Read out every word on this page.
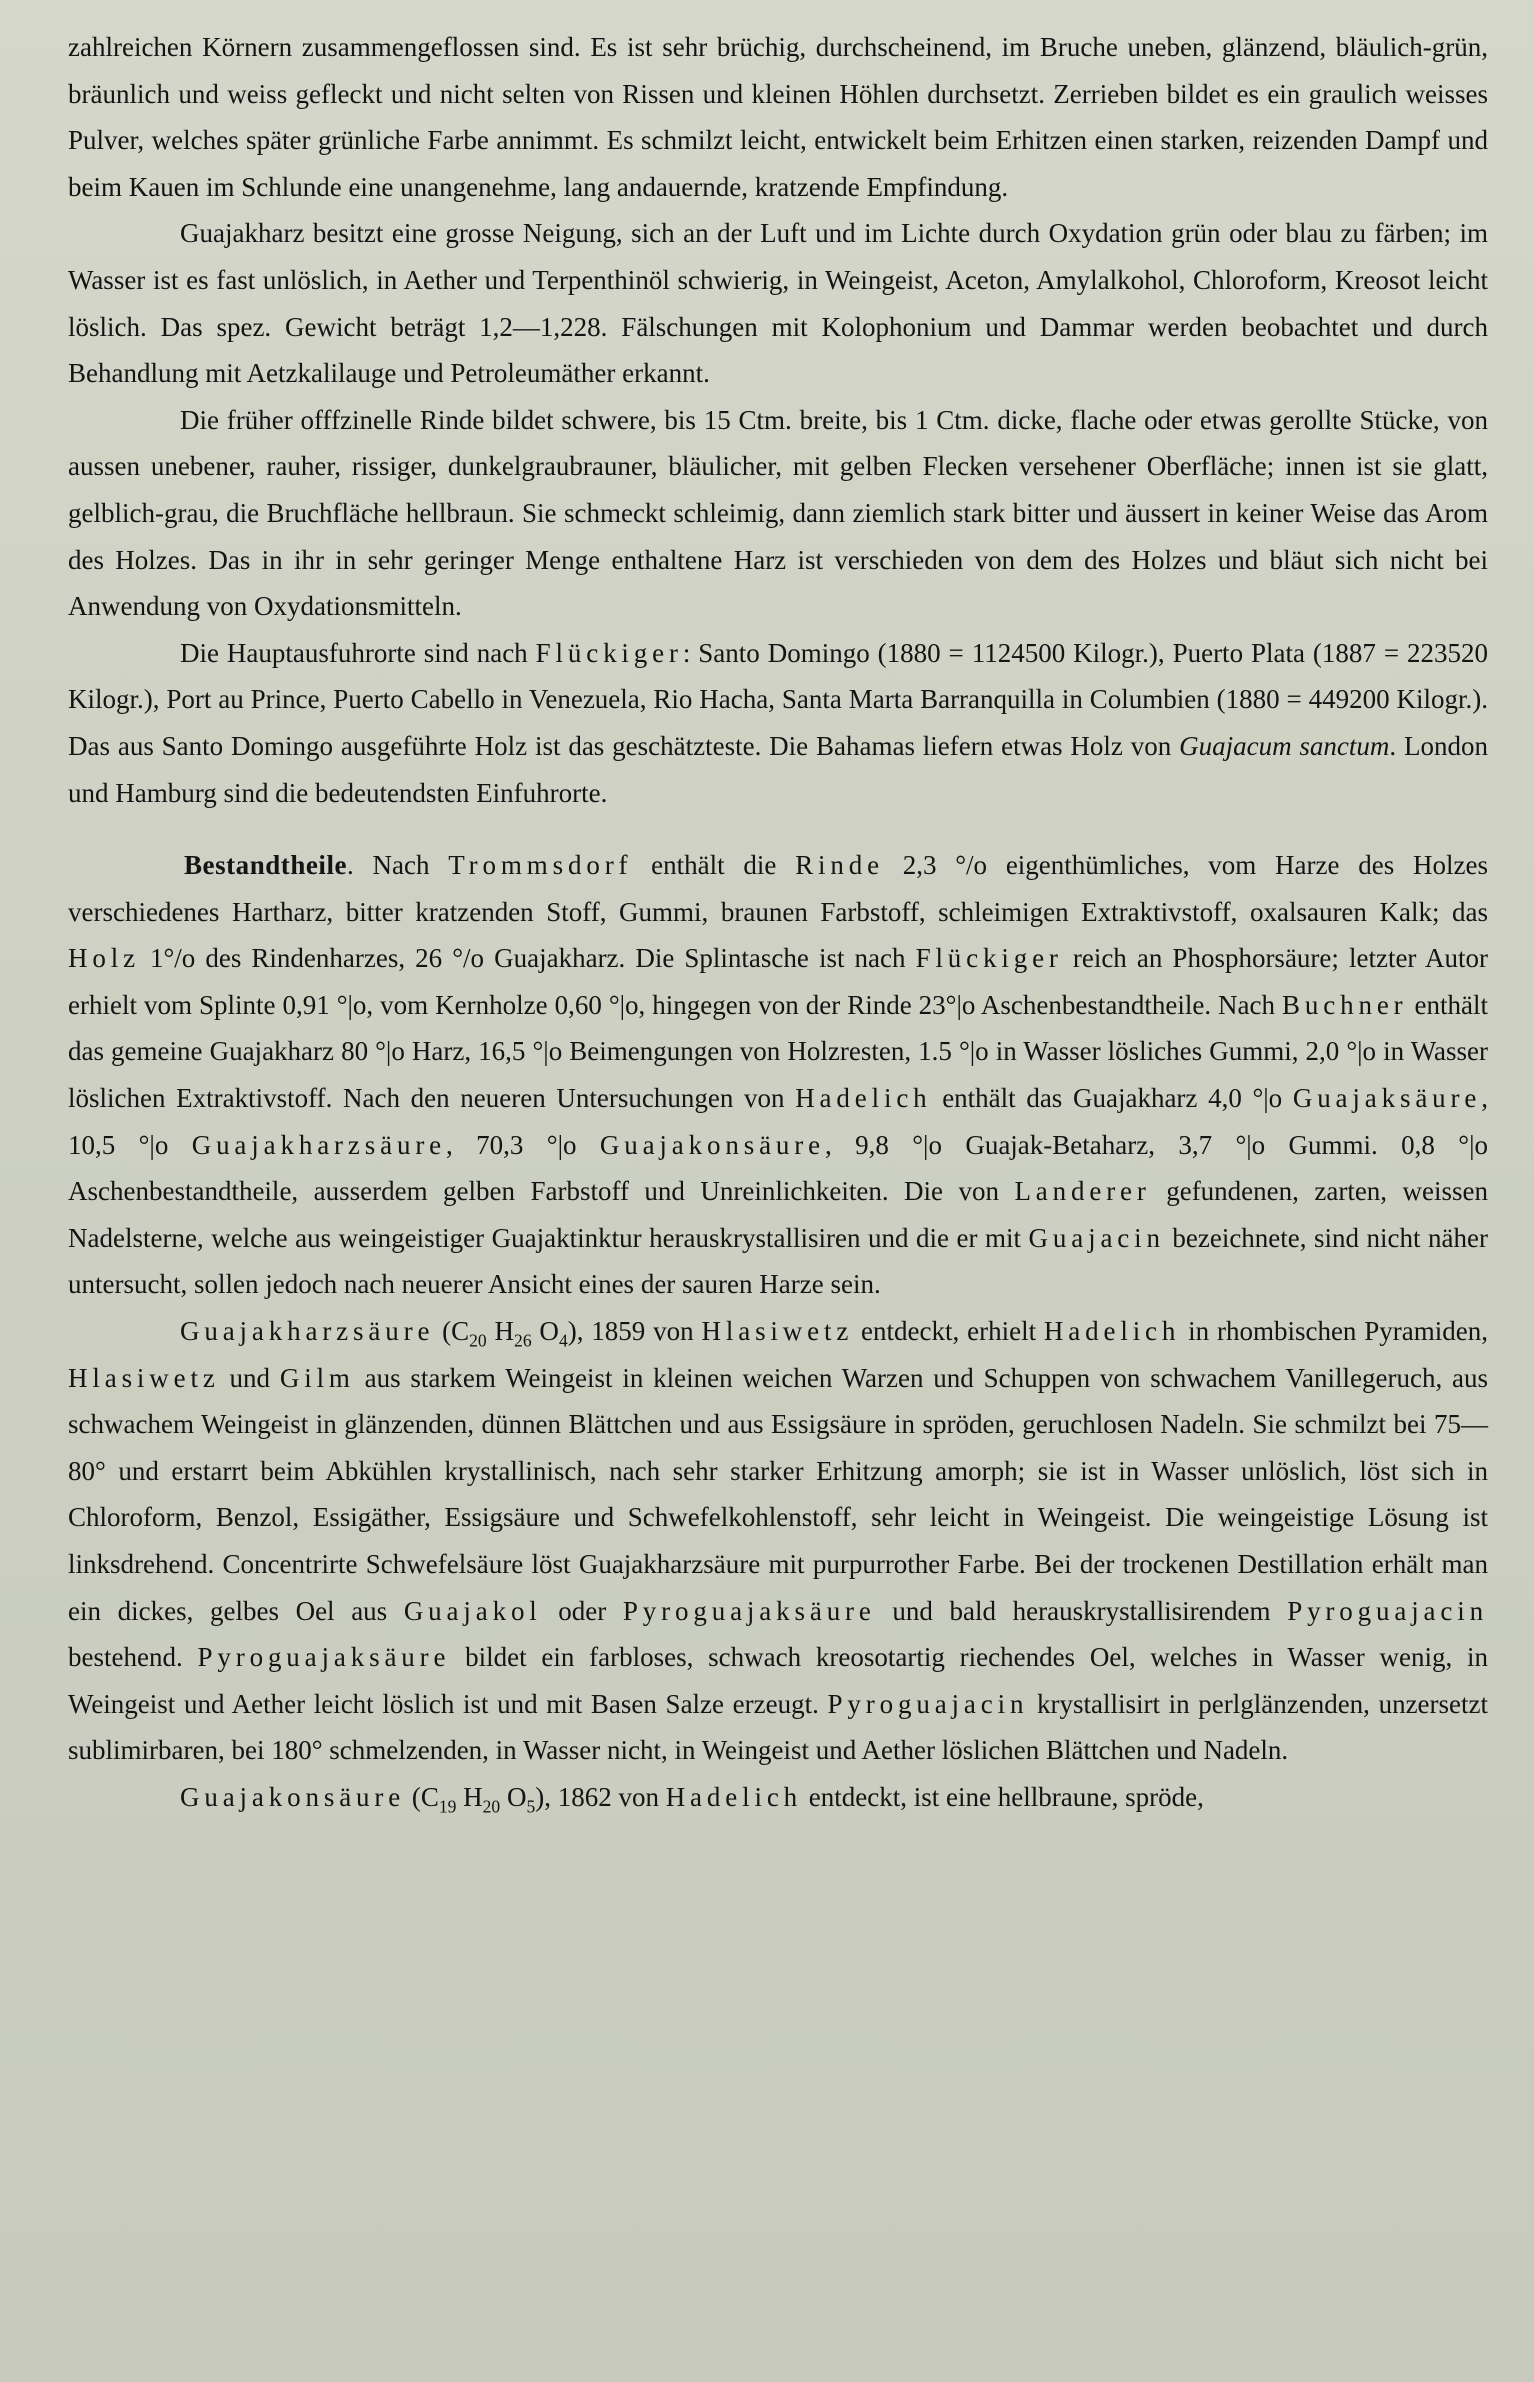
zahlreichen Körnern zusammengeflossen sind. Es ist sehr brüchig, durchscheinend, im Bruche uneben, glänzend, bläulich-grün, bräunlich und weiss gefleckt und nicht selten von Rissen und kleinen Höhlen durchsetzt. Zerrieben bildet es ein graulich weisses Pulver, welches später grünliche Farbe annimmt. Es schmilzt leicht, entwickelt beim Erhitzen einen starken, reizenden Dampf und beim Kauen im Schlunde eine unangenehme, lang andauernde, kratzende Empfindung.

Guajakharz besitzt eine grosse Neigung, sich an der Luft und im Lichte durch Oxydation grün oder blau zu färben; im Wasser ist es fast unlöslich, in Aether und Terpenthinöl schwierig, in Weingeist, Aceton, Amylalkohol, Chloroform, Kreosot leicht löslich. Das spez. Gewicht beträgt 1,2—1,228. Fälschungen mit Kolophonium und Dammar werden beobachtet und durch Behandlung mit Aetzkalilauge und Petroleumäther erkannt.

Die früher offfzinelle Rinde bildet schwere, bis 15 Ctm. breite, bis 1 Ctm. dicke, flache oder etwas gerollte Stücke, von aussen unebener, rauher, rissiger, dunkelgraubrauner, bläulicher, mit gelben Flecken versehener Oberfläche; innen ist sie glatt, gelblich-grau, die Bruchfläche hellbraun. Sie schmeckt schleimig, dann ziemlich stark bitter und äussert in keiner Weise das Arom des Holzes. Das in ihr in sehr geringer Menge enthaltene Harz ist verschieden von dem des Holzes und bläut sich nicht bei Anwendung von Oxydationsmitteln.

Die Hauptausfuhrorte sind nach Flückiger: Santo Domingo (1880 = 1124500 Kilogr.), Puerto Plata (1887 = 223520 Kilogr.), Port au Prince, Puerto Cabello in Venezuela, Rio Hacha, Santa Marta Barranquilla in Columbien (1880 = 449200 Kilogr.). Das aus Santo Domingo ausgeführte Holz ist das geschätzteste. Die Bahamas liefern etwas Holz von Guajacum sanctum. London und Hamburg sind die bedeutendsten Einfuhrorte.

Bestandtheile. Nach Trommsdorf enthält die Rinde 2,3 °/o eigenthümliches, vom Harze des Holzes verschiedenes Hartharz, bitter kratzenden Stoff, Gummi, braunen Farbstoff, schleimigen Extraktivstoff, oxalsauren Kalk; das Holz 1°/o des Rindenharzes, 26 °/o Guajakharz. Die Splintasche ist nach Flückiger reich an Phosphorsäure; letzter Autor erhielt vom Splinte 0,91 °|o, vom Kernholze 0,60 °|o, hingegen von der Rinde 23°|o Aschenbestandtheile. Nach Buchner enthält das gemeine Guajakharz 80 °|o Harz, 16,5 °|o Beimengungen von Holzresten, 1.5 °|o in Wasser lösliches Gummi, 2,0 °|o in Wasser löslichen Extraktivstoff. Nach den neueren Untersuchungen von Hadelich enthält das Guajakharz 4,0 °|o Guajaksäure, 10,5 °|o Guajakharzsäure, 70,3 °|o Guajakonsäure, 9,8 °|o Guajak-Betaharz, 3,7 °|o Gummi. 0,8 °|o Aschenbestandtheile, ausserdem gelben Farbstoff und Unreinlichkeiten. Die von Landerer gefundenen, zarten, weissen Nadelsterne, welche aus weingeistiger Guajaktinktur herauskrystallisiren und die er mit Guajacin bezeichnete, sind nicht näher untersucht, sollen jedoch nach neuerer Ansicht eines der sauren Harze sein.

Guajakharzsäure ($C_{20}$ $H_{26}$ $O_4$), 1859 von Hlasiwetz entdeckt, erhielt Hadelich in rhombischen Pyramiden, Hlasiwetz und Gilm aus starkem Weingeist in kleinen weichen Warzen und Schuppen von schwachem Vanillegeruch, aus schwachem Weingeist in glänzenden, dünnen Blättchen und aus Essigsäure in spröden, geruchlosen Nadeln. Sie schmilzt bei 75—80° und erstarrt beim Abkühlen krystallinisch, nach sehr starker Erhitzung amorph; sie ist in Wasser unlöslich, löst sich in Chloroform, Benzol, Essigäther, Essigsäure und Schwefelkohlenstoff, sehr leicht in Weingeist. Die weingeistige Lösung ist linksdrehend. Concentrirte Schwefelsäure löst Guajakharzsäure mit purpurrother Farbe. Bei der trockenen Destillation erhält man ein dickes, gelbes Oel aus Guajakol oder Pyroguajaksäure und bald herauskrystallisirendem Pyroguajacin bestehend. Pyroguajaksäure bildet ein farbloses, schwach kreosotartig riechendes Oel, welches in Wasser wenig, in Weingeist und Aether leicht löslich ist und mit Basen Salze erzeugt. Pyroguajacin krystallisirt in perlglänzenden, unzersetzt sublimirbaren, bei 180° schmelzenden, in Wasser nicht, in Weingeist und Aether löslichen Blättchen und Nadeln.

Guajakonsäure ($C_{19}$ $H_{20}$ $O_5$), 1862 von Hadelich entdeckt, ist eine hellbraune, spröde,
